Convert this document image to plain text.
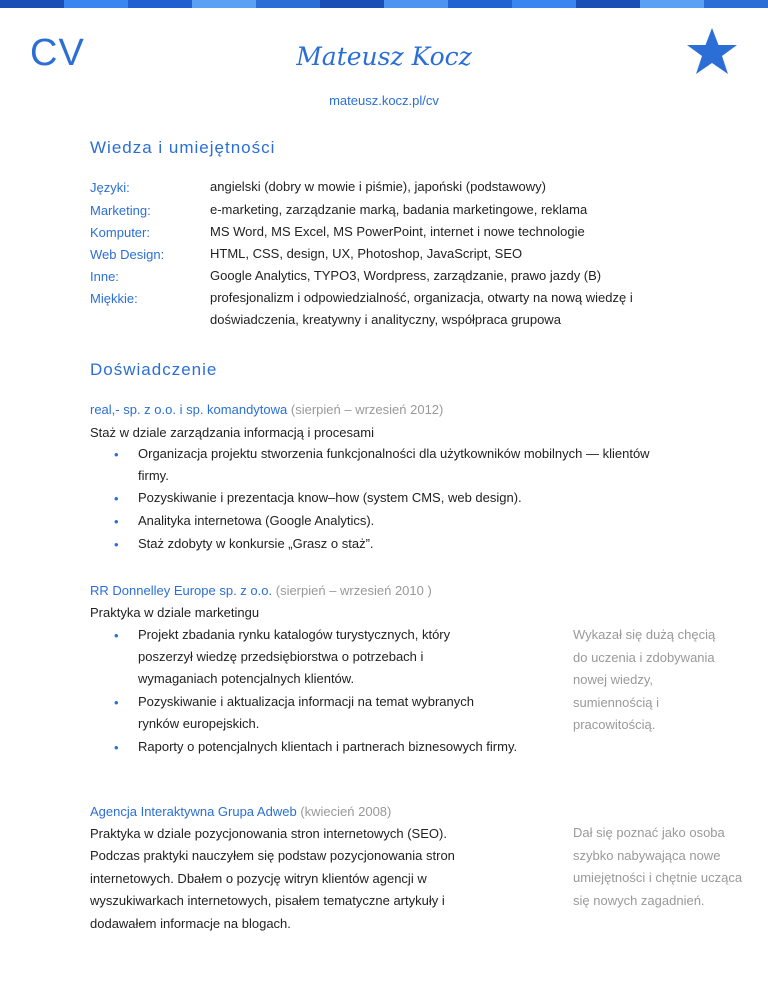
CV	Mateusz Kocz
mateusz.kocz.pl/cv
Wiedza i umiejętności
Języki:	angielski (dobry w mowie i piśmie), japoński (podstawowy)
Marketing:	e-marketing, zarządzanie marką, badania marketingowe, reklama
Komputer:	MS Word, MS Excel, MS PowerPoint, internet i nowe technologie
Web Design:	HTML, CSS, design, UX, Photoshop, JavaScript, SEO
Inne:	Google Analytics, TYPO3, Wordpress, zarządzanie, prawo jazdy (B)
Miękkie:	profesjonalizm i odpowiedzialność, organizacja, otwarty na nową wiedzę i doświadczenia, kreatywny i analityczny, współpraca grupowa
Doświadczenie
real,- sp. z o.o. i sp. komandytowa (sierpień – wrzesień 2012)
Staż w dziale zarządzania informacją i procesami
• Organizacja projektu stworzenia funkcjonalności dla użytkowników mobilnych — klientów firmy.
• Pozyskiwanie i prezentacja know–how (system CMS, web design).
• Analityka internetowa (Google Analytics).
• Staż zdobyty w konkursie „Grasz o staż”.
RR Donnelley Europe sp. z o.o. (sierpień – wrzesień 2010 )
Praktyka w dziale marketingu
• Projekt zbadania rynku katalogów turystycznych, który poszerzył wiedzę przedsiębiorstwa o potrzebach i wymaganiach potencjalnych klientów.
• Pozyskiwanie i aktualizacja informacji na temat wybranych rynków europejskich.
• Raporty o potencjalnych klientach i partnerach biznesowych firmy.
Wykazał się dużą chęcią do uczenia i zdobywania nowej wiedzy, sumiennością i pracowitością.
Agencja Interaktywna Grupa Adweb (kwiecień 2008)
Praktyka w dziale pozycjonowania stron internetowych (SEO).
Podczas praktyki nauczyłem się podstaw pozycjonowania stron internetowych. Dbałem o pozycję witryn klientów agencji w wyszukiwarkach internetowych, pisałem tematyczne artykuły i dodawałem informacje na blogach.
Dał się poznać jako osoba szybko nabywająca nowe umiejętności i chętnie ucząca się nowych zagadnień.
